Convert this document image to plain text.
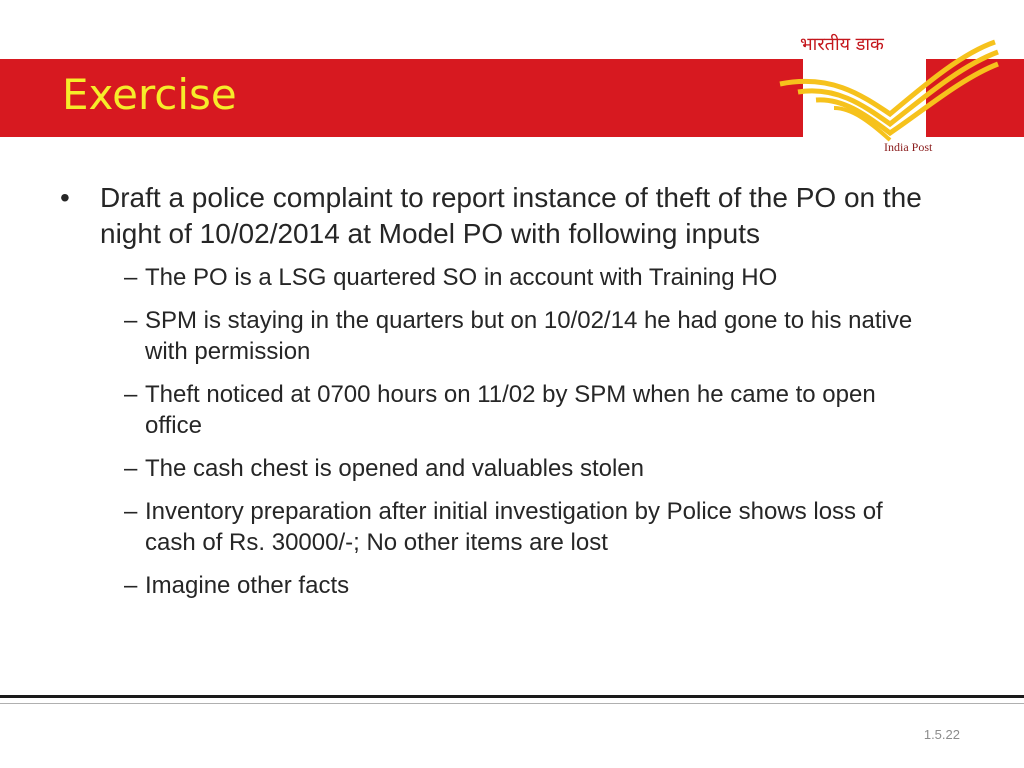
भारतीय डाक
India Post
Exercise
• Draft a police complaint to report instance of theft of the PO on the night of 10/02/2014 at Model PO with following inputs
– The PO is a LSG quartered SO in account with Training HO
– SPM is staying in the quarters but on 10/02/14 he had gone to his native with permission
– Theft noticed at 0700 hours on 11/02 by SPM when he came to open office
– The cash chest is opened and valuables stolen
– Inventory preparation after initial investigation by Police shows loss of cash of Rs. 30000/-; No other items are lost
– Imagine other facts
1.5.22
